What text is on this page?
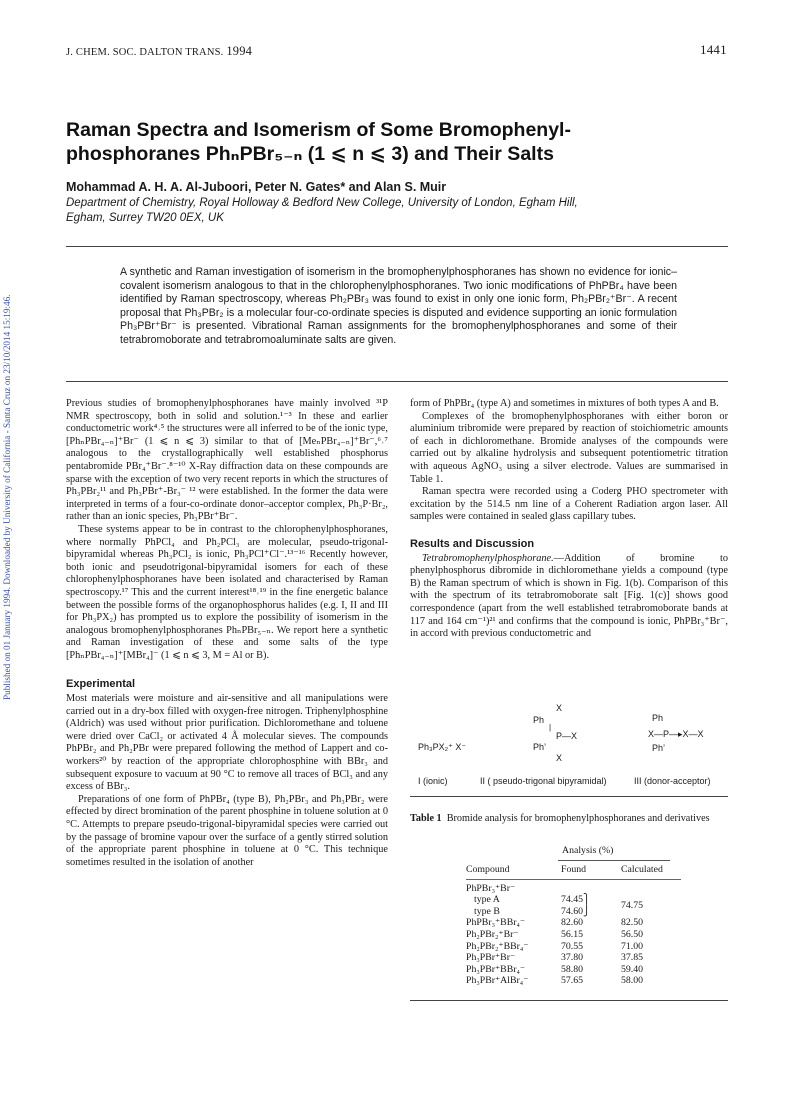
Published on 01 January 1994. Downloaded by University of California - Santa Cruz on 23/10/2014 15:19:46.
J. CHEM. SOC. DALTON TRANS. 1994	1441
Raman Spectra and Isomerism of Some Bromophenyl-
phosphoranes PhₙPBr₅₋ₙ (1 ⩽ n ⩽ 3) and Their Salts
Mohammad A. H. A. Al-Juboori, Peter N. Gates* and Alan S. Muir
Department of Chemistry, Royal Holloway & Bedford New College, University of London, Egham Hill,
Egham, Surrey TW20 0EX, UK
A synthetic and Raman investigation of isomerism in the bromophenylphosphoranes has shown no evidence for ionic–covalent isomerism analogous to that in the chlorophenylphosphoranes. Two ionic modifications of PhPBr₄ have been identified by Raman spectroscopy, whereas Ph₂PBr₃ was found to exist in only one ionic form, Ph₂PBr₂⁺Br⁻. A recent proposal that Ph₃PBr₂ is a molecular four-co-ordinate species is disputed and evidence supporting an ionic formulation Ph₃PBr⁺Br⁻ is presented. Vibrational Raman assignments for the bromophenylphosphoranes and some of their tetrabromoborate and tetrabromoaluminate salts are given.

Previous studies of bromophenylphosphoranes have mainly involved ³¹P NMR spectroscopy, both in solid and solution.¹⁻³ In these and earlier conductometric work⁴˒⁵ the structures were all inferred to be of the ionic type, [PhₙPBr₄₋ₙ]⁺Br⁻ (1 ⩽ n ⩽ 3) similar to that of [MeₙPBr₄₋ₙ]⁺Br⁻,⁶˒⁷ analogous to the crystallographically well established phosphorus pentabromide PBr₄⁺Br⁻.⁸⁻¹⁰ X-Ray diffraction data on these compounds are sparse with the exception of two very recent reports in which the structures of Ph₃PBr₂¹¹ and Ph₃PBr⁺-Br₃⁻ ¹² were established. In the former the data were interpreted in terms of a four-co-ordinate donor–acceptor complex, Ph₃P·Br₂, rather than an ionic species, Ph₃PBr⁺Br⁻.

These systems appear to be in contrast to the chlorophenylphosphoranes, where normally PhPCl₄ and Ph₂PCl₃ are molecular, pseudo-trigonal-bipyramidal whereas Ph₃PCl₂ is ionic, Ph₃PCl⁺Cl⁻.¹³⁻¹⁶ Recently however, both ionic and pseudotrigonal-bipyramidal isomers for each of these chlorophenylphosphoranes have been isolated and characterised by Raman spectroscopy.¹⁷ This and the current interest¹⁸˒¹⁹ in the fine energetic balance between the possible forms of the organophosphorus halides (e.g. I, II and III for Ph₃PX₂) has prompted us to explore the possibility of isomerism in the analogous bromophenylphosphoranes PhₙPBr₅₋ₙ. We report here a synthetic and Raman investigation of these and some salts of the type [PhₙPBr₄₋ₙ]⁺[MBr₄]⁻ (1 ⩽ n ⩽ 3, M = Al or B).

Experimental

Most materials were moisture and air-sensitive and all manipulations were carried out in a dry-box filled with oxygen-free nitrogen. Triphenylphosphine (Aldrich) was used without prior purification. Dichloromethane and toluene were dried over CaCl₂ or activated 4 Å molecular sieves. The compounds PhPBr₂ and Ph₂PBr were prepared following the method of Lappert and co-workers²⁰ by reaction of the appropriate chlorophosphine with BBr₃ and subsequent exposure to vacuum at 90 °C to remove all traces of BCl₃ and any excess of BBr₃.

Preparations of one form of PhPBr₄ (type B), Ph₂PBr₃ and Ph₃PBr₂ were effected by direct bromination of the parent phosphine in toluene solution at 0 °C. Attempts to prepare pseudo-trigonal-bipyramidal species were carried out by the passage of bromine vapour over the surface of a gently stirred solution of the appropriate parent phosphine in toluene at 0 °C. This technique sometimes resulted in the isolation of another

form of PhPBr₄ (type A) and sometimes in mixtures of both types A and B.

Complexes of the bromophenylphosphoranes with either boron or aluminium tribromide were prepared by reaction of stoichiometric amounts of each in dichloromethane. Bromide analyses of the compounds were carried out by alkaline hydrolysis and subsequent potentiometric titration with aqueous AgNO₃ using a silver electrode. Values are summarised in Table 1.

Raman spectra were recorded using a Coderg PHO spectrometer with excitation by the 514.5 nm line of a Coherent Radiation argon laser. All samples were contained in sealed glass capillary tubes.

Results and Discussion

Tetrabromophenylphosphorane.—Addition of bromine to phenylphosphorus dibromide in dichloromethane yields a compound (type B) the Raman spectrum of which is shown in Fig. 1(b). Comparison of this with the spectrum of its tetrabromoborate salt [Fig. 1(c)] shows good correspondence (apart from the well established tetrabromoborate bands at 117 and 164 cm⁻¹)²¹ and confirms that the compound is ionic, PhPBr₃⁺Br⁻, in accord with previous conductometric and

Ph₃PX₂⁺ X⁻
I (ionic)
X
Ph
|
P—X
Ph’
X
II ( pseudo-trigonal bipyramidal)
Ph
X—P—▸X—X
Ph’
III (donor-acceptor)
Table 1 Bromide analysis for bromophenylphosphoranes and derivatives
Analysis (%)
Compound	Found	Calculated
PhPBr₃⁺Br⁻		
type A	74.45⎫	74.75
type B	74.60⎭	
PhPBr₃⁺BBr₄⁻	82.60	82.50
Ph₂PBr₂⁺Br⁻	56.15	56.50
Ph₂PBr₂⁺BBr₄⁻	70.55	71.00
Ph₃PBr⁺Br⁻	37.80	37.85
Ph₃PBr⁺BBr₄⁻	58.80	59.40
Ph₃PBr⁺AlBr₄⁻	57.65	58.00
